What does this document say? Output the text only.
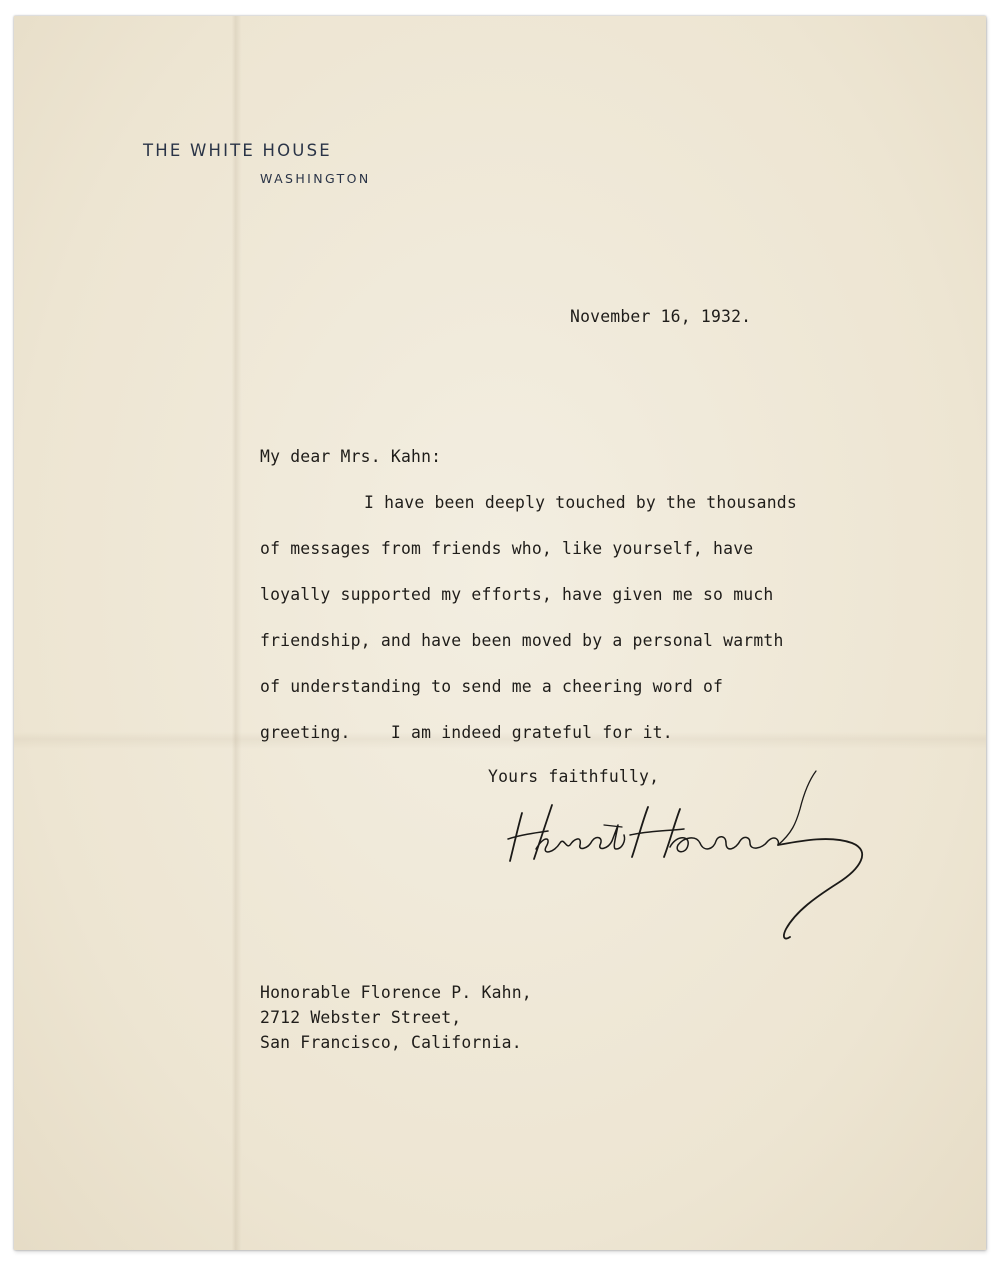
THE WHITE HOUSE
WASHINGTON
November 16, 1932.
My dear Mrs. Kahn:
I have been deeply touched by the thousands
of messages from friends who, like yourself, have
loyally supported my efforts, have given me so much
friendship, and have been moved by a personal warmth
of understanding to send me a cheering word of
greeting.    I am indeed grateful for it.
Yours faithfully,
Honorable Florence P. Kahn,
2712 Webster Street,
San Francisco, California.
